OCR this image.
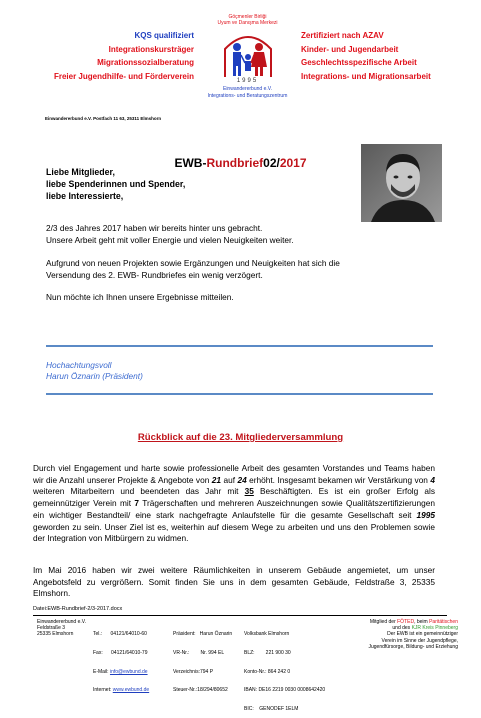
KQS qualifiziert
Integrationskursträger
Migrationssozialberatung
Freier Jugendhilfe- und Förderverein
Göçmenler Birliği
Uyum ve Danışma Merkezi
1995
Einwandererbund e.V.
Integrations- und Beratungszentrum
Zertifiziert nach AZAV
Kinder- und Jugendarbeit
Geschlechtsspezifische Arbeit
Integrations- und Migrationsarbeit
Einwandererbund e.V. Postfach 11 63, 25311 Elmshorn
EWB-Rundbrief02/2017
Liebe Mitglieder,
liebe Spenderinnen und Spender,
liebe Interessierte,
2/3 des Jahres 2017 haben wir bereits hinter uns gebracht.
Unsere Arbeit geht mit voller Energie und vielen Neuigkeiten weiter.
Aufgrund von neuen Projekten sowie Ergänzungen und Neuigkeiten hat sich die
Versendung des 2. EWB- Rundbriefes ein wenig verzögert.
Nun möchte ich Ihnen unsere Ergebnisse mitteilen.
Hochachtungsvoll
Harun Öznarin (Präsident)
Rückblick auf die 23. Mitgliederversammlung
Durch viel Engagement und harte sowie professionelle Arbeit des gesamten Vorstandes und Teams haben wir die Anzahl unserer Projekte & Angebote von 21 auf 24 erhöht. Insgesamt bekamen wir Verstärkung von 4 weiteren Mitarbeitern und beendeten das Jahr mit 35 Beschäftigten. Es ist ein großer Erfolg als gemeinnütziger Verein mit 7 Trägerschaften und mehreren Auszeichnungen sowie Qualitätszertifizierungen ein wichtiger Bestandteil/ eine stark nachgefragte Anlaufstelle für die gesamte Gesellschaft seit 1995 geworden zu sein. Unser Ziel ist es, weiterhin auf diesem Wege zu arbeiten und uns den Problemen sowie der Integration von Mitbürgern zu widmen.
Im Mai 2016 haben wir zwei weitere Räumlichkeiten in unserem Gebäude angemietet, um unser Angebotsfeld zu vergrößern. Somit finden Sie uns in dem gesamten Gebäude, Feldstraße 3, 25335 Elmshorn.
Datei:EWB-Rundbrief-2/3-2017.docx
Einwandererbund e.V.
Feldstraße 3
25335 Elmshorn

	Tel.:      04121/64010-60

Fax:      04121/64010-79

E-Mail: info@ewbund.de

Internet: www.ewbund.de

Präsident:   Harun Öznarin

VR-Nr.:        Nr. 994 EL

Verzeichnis:794 P

Steuer-Nr.:18/294/80652

Volksbank Elmshorn

BLZ:        221 900 30

Konto-Nr.: 864 242 0

IBAN: DE16 2219 0030 0008642420

BIC:    GENODEF 1ELM

Mitglied der FÖTED, beim Paritätischen
und des KJR Kreis Pinneberg
Der EWB ist ein gemeinnütziger
Verein im Sinne der Jugendpflege,
Jugendfürsorge, Bildung- und Erziehung
